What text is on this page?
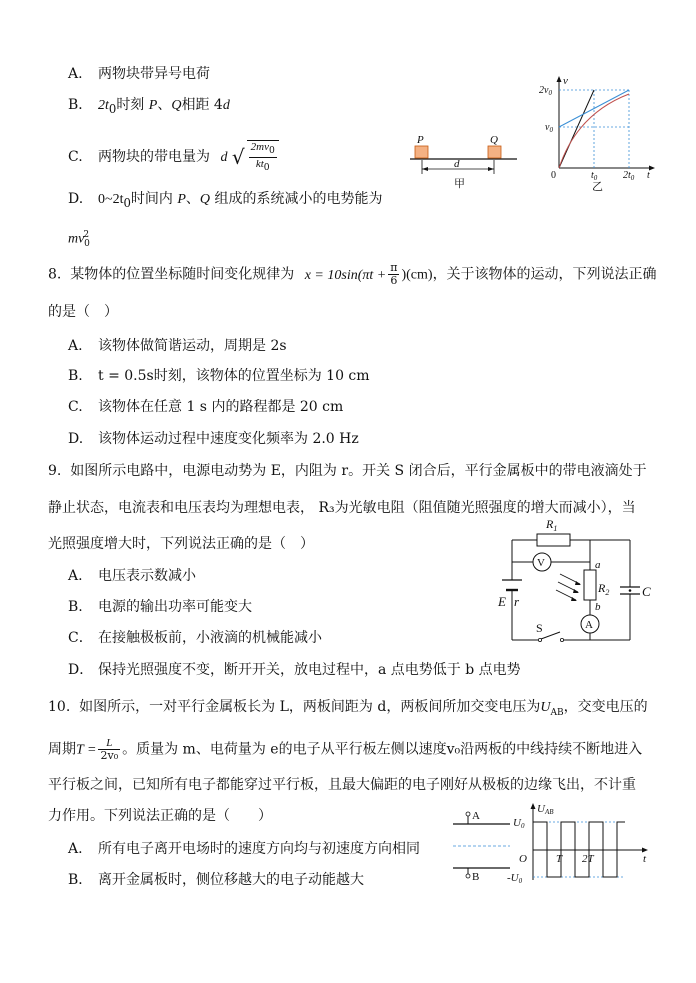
A. 两物块带异号电荷
B． $2t_0$时刻 P、Q相距 4d
C. 两物块的带电量为 d √ $\frac{2mv_0}{kt_0}$
D. $0\sim 2t_0$时间内 P、Q 组成的系统减小的电势能为
$mv^2_0$
P	Q
d
甲
v
$2v_0$
$v_0$
0	$t_0$	$2t_0$ t
乙
8. 某物体的位置坐标随时间变化规律为 $x = 10\sin(\pi t + \frac{\pi}{6} )(cm)$，关于该物体的运动，下列说法正确
的是（　）
A. 该物体做简谐运动，周期是 2s
B. t = 0.5s时刻，该物体的位置坐标为 10 cm
C. 该物体在任意 1 s 内的路程都是 20 cm
D. 该物体运动过程中速度变化频率为 2.0 Hz
9. 如图所示电路中，电源电动势为 E，内阻为 r。开关 S 闭合后，平行金属板中的带电液滴处于
静止状态，电流表和电压表均为理想电表， R₃为光敏电阻（阻值随光照强度的增大而减小），当
光照强度增大时，下列说法正确的是（　）
A. 电压表示数减小
B. 电源的输出功率可能变大
C． 在接触极板前，小液滴的机械能减小
D． 保持光照强度不变，断开开关，放电过程中，a 点电势低于 b 点电势
$R_1$
V
A
a
b
$R_2$
E r
C
S
10. 如图所示，一对平行金属板长为 L，两板间距为 d，两板间所加交变电压为$U_{AB}$，交变电压的
周期$T = \frac{L}{\text{2v₀}}$ 。质量为 m、电荷量为 e的电子从平行板左侧以速度v₀沿两板的中线持续不断地进入
平行板之间，已知所有电子都能穿过平行板，且最大偏距的电子刚好从极板的边缘飞出，不计重
力作用。下列说法正确的是（　　）
A. 所有电子离开电场时的速度方向均与初速度方向相同
B． 离开金属板时，侧位移越大的电子动能越大
A
B
UAB
U0
O	T 2T
-U0
t
